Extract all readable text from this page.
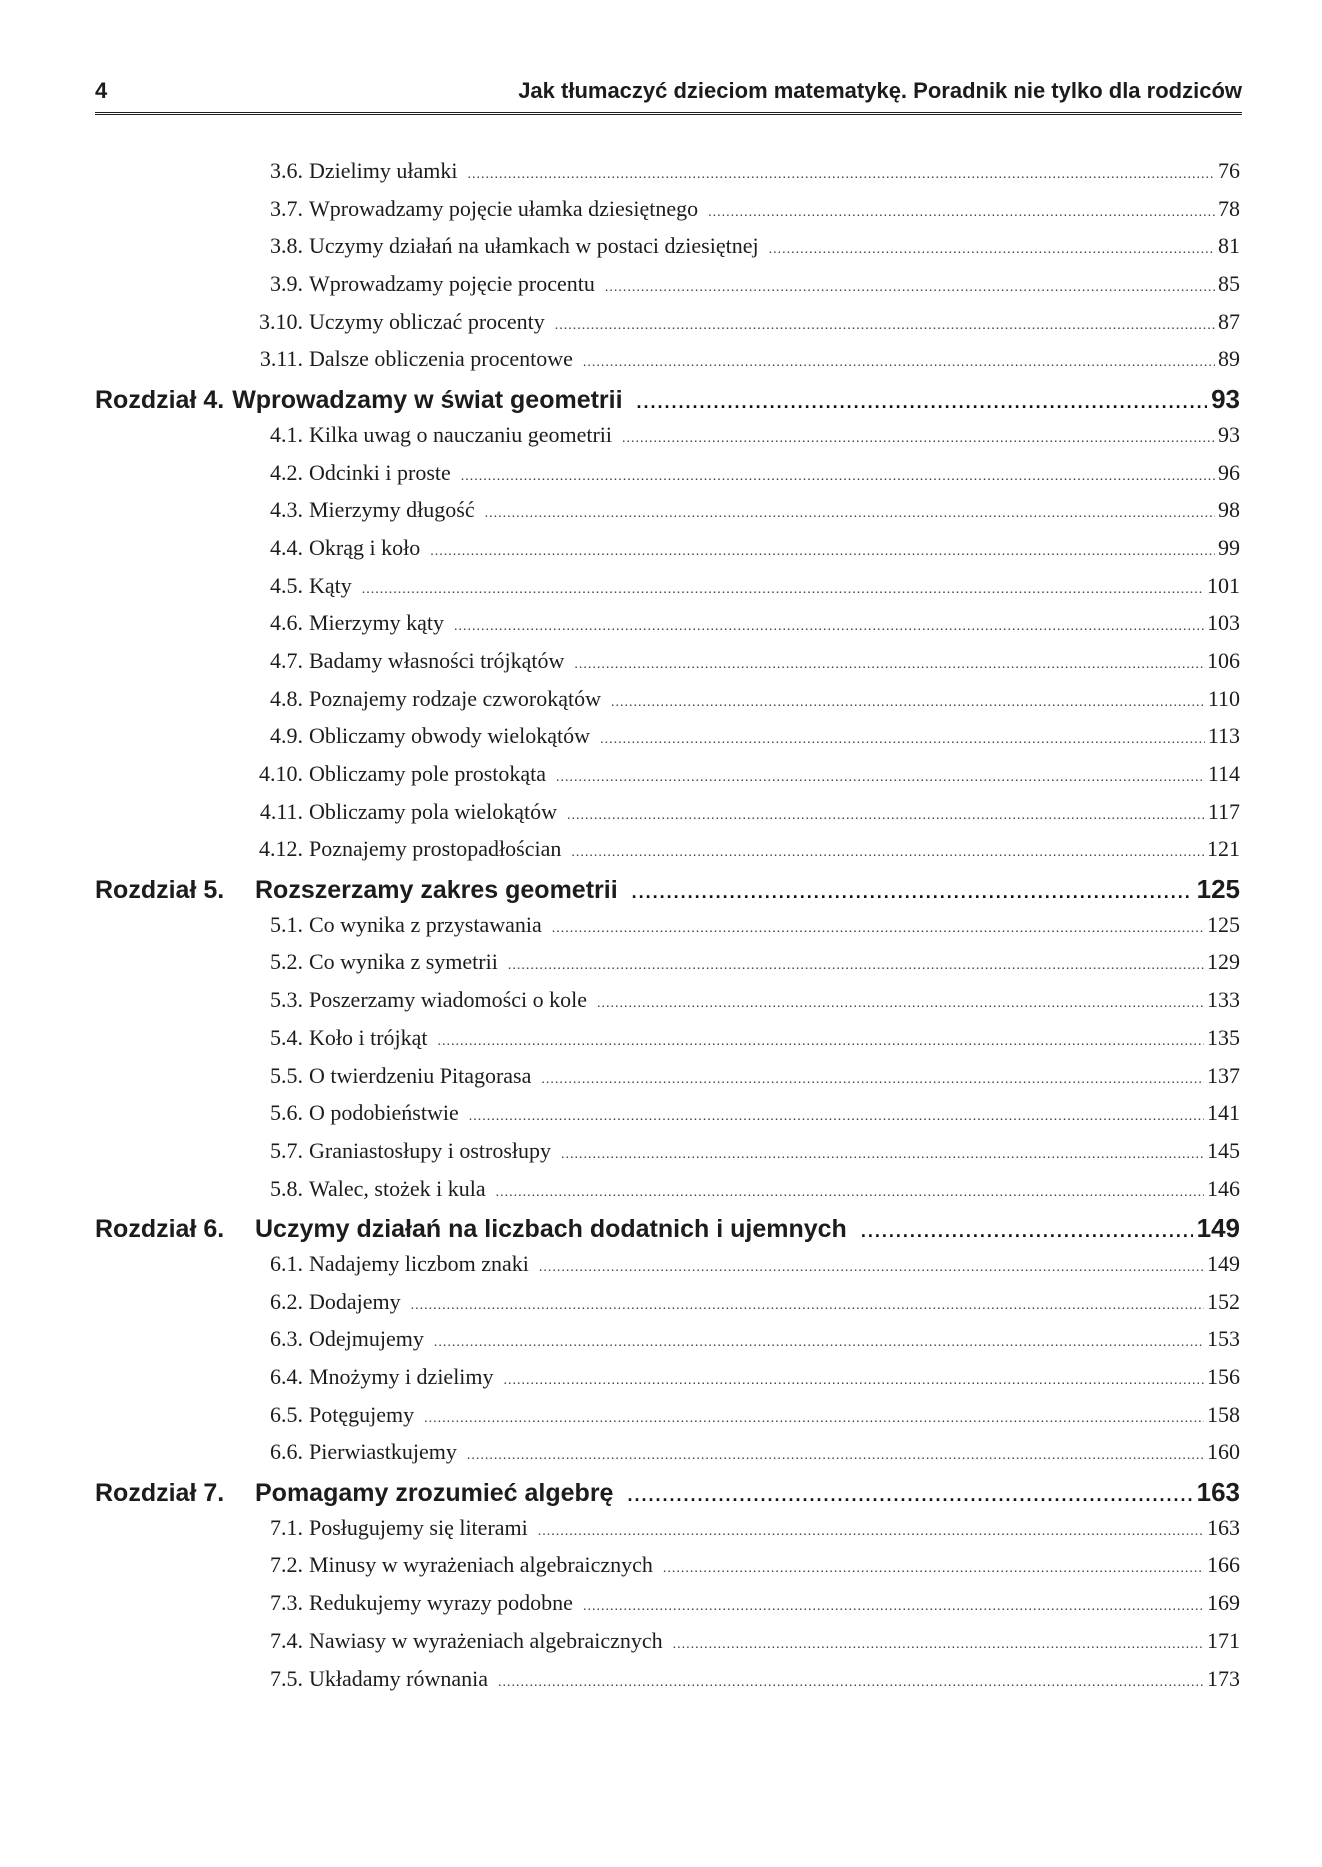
4	Jak tłumaczyć dzieciom matematykę. Poradnik nie tylko dla rodziców
3.6. Dzielimy ułamki .....	76
3.7. Wprowadzamy pojęcie ułamka dziesiętnego .....	78
3.8. Uczymy działań na ułamkach w postaci dziesiętnej .....	81
3.9. Wprowadzamy pojęcie procentu .....	85
3.10. Uczymy obliczać procenty .....	87
3.11. Dalsze obliczenia procentowe .....	89
Rozdział 4. Wprowadzamy w świat geometrii .....	93
4.1. Kilka uwag o nauczaniu geometrii .....	93
4.2. Odcinki i proste .....	96
4.3. Mierzymy długość .....	98
4.4. Okrąg i koło .....	99
4.5. Kąty .....	101
4.6. Mierzymy kąty .....	103
4.7. Badamy własności trójkątów .....	106
4.8. Poznajemy rodzaje czworokątów .....	110
4.9. Obliczamy obwody wielokątów .....	113
4.10. Obliczamy pole prostokąta .....	114
4.11. Obliczamy pola wielokątów .....	117
4.12. Poznajemy prostopadłościan .....	121
Rozdział 5.	Rozszerzamy zakres geometrii .....	125
5.1. Co wynika z przystawania .....	125
5.2. Co wynika z symetrii .....	129
5.3. Poszerzamy wiadomości o kole .....	133
5.4. Koło i trójkąt .....	135
5.5. O twierdzeniu Pitagorasa .....	137
5.6. O podobieństwie .....	141
5.7. Graniastosłupy i ostrosłupy .....	145
5.8. Walec, stożek i kula .....	146
Rozdział 6.	Uczymy działań na liczbach dodatnich i ujemnych .....	149
6.1. Nadajemy liczbom znaki .....	149
6.2. Dodajemy .....	152
6.3. Odejmujemy .....	153
6.4. Mnożymy i dzielimy .....	156
6.5. Potęgujemy .....	158
6.6. Pierwiastkujemy .....	160
Rozdział 7.	Pomagamy zrozumieć algebrę .....	163
7.1. Posługujemy się literami .....	163
7.2. Minusy w wyrażeniach algebraicznych .....	166
7.3. Redukujemy wyrazy podobne .....	169
7.4. Nawiasy w wyrażeniach algebraicznych .....	171
7.5. Układamy równania .....	173
